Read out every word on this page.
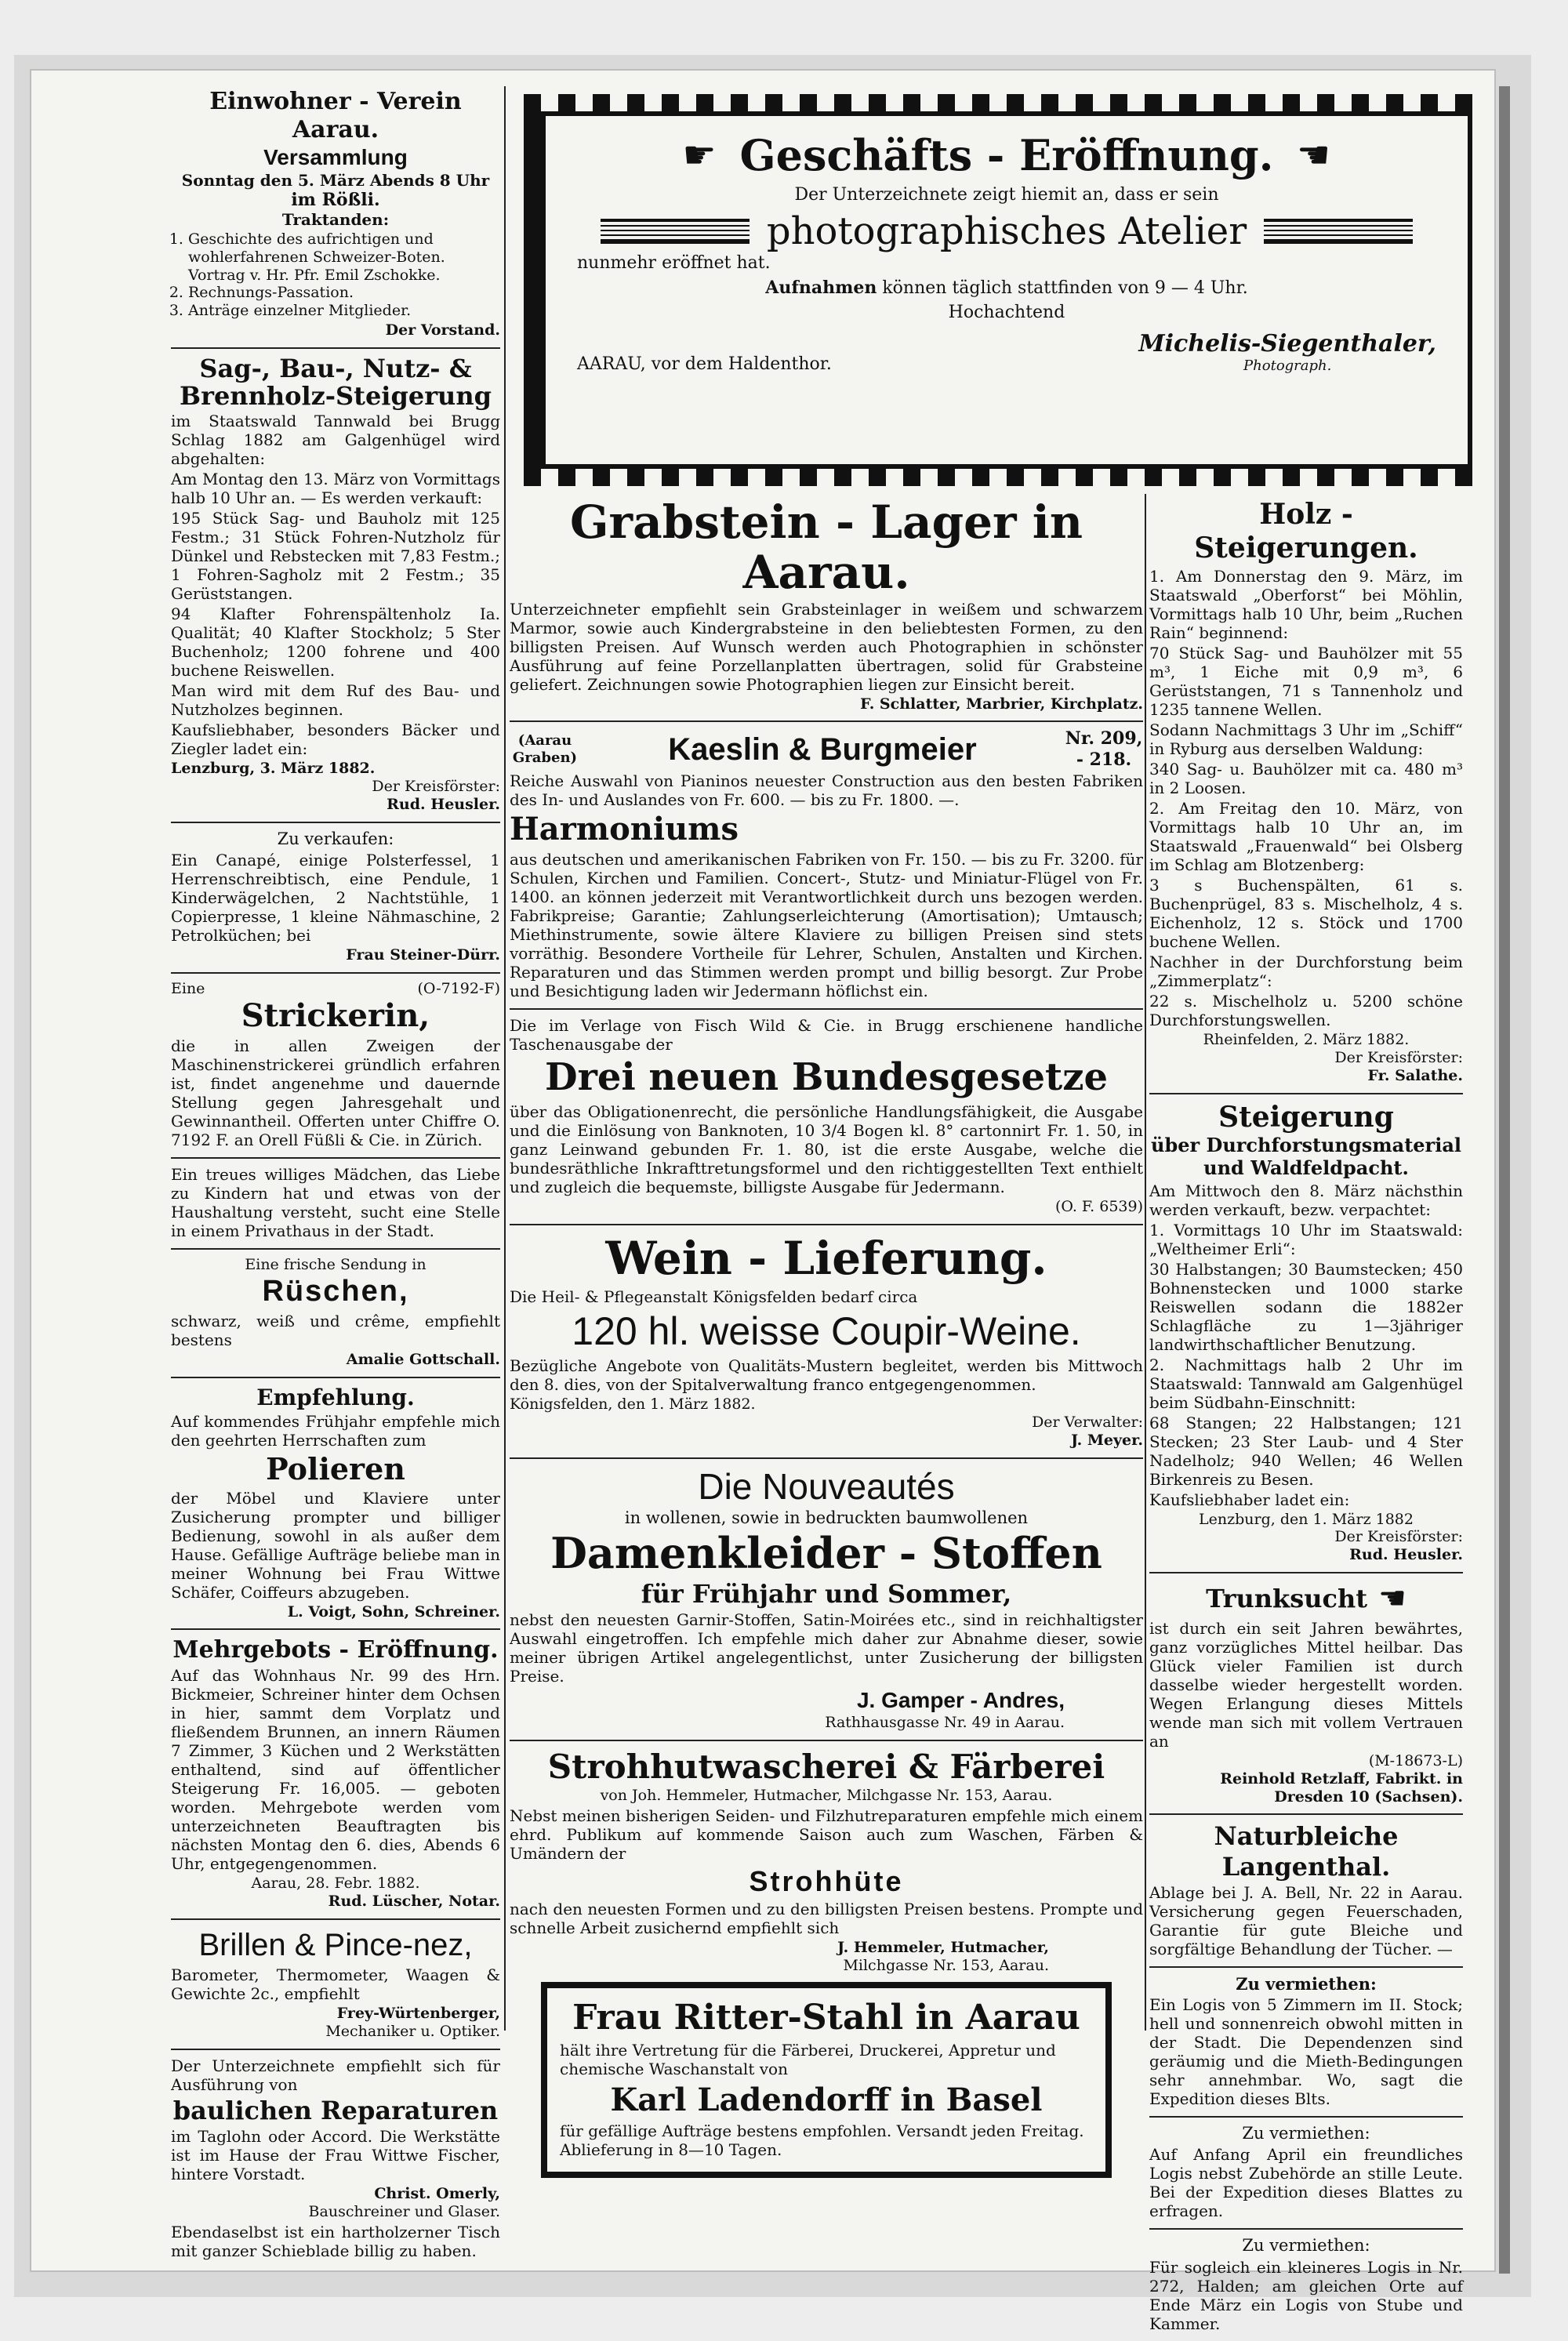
Einwohner - Verein Aarau.
Versammlung
Sonntag den 5. März Abends 8 Uhr
im Rößli.
Traktanden:
1. Geschichte des aufrichtigen und wohlerfahrenen Schweizer-Boten. Vortrag v. Hr. Pfr. Emil Zschokke.
2. Rechnungs-Passation.
3. Anträge einzelner Mitglieder.
Der Vorstand.
Sag-, Bau-, Nutz- & Brennholz-Steigerung

im Staatswald Tannwald bei Brugg Schlag 1882 am Galgenhügel wird abgehalten:

Am Montag den 13. März von Vormittags halb 10 Uhr an. — Es werden verkauft:

195 Stück Sag- und Bauholz mit 125 Festm.; 31 Stück Fohren-Nutzholz für Dünkel und Rebstecken mit 7,83 Festm.; 1 Fohren-Sagholz mit 2 Festm.; 35 Gerüststangen.

94 Klafter Fohrenspältenholz Ia. Qualität; 40 Klafter Stockholz; 5 Ster Buchenholz; 1200 fohrene und 400 buchene Reiswellen.

Man wird mit dem Ruf des Bau- und Nutzholzes beginnen.

Kaufsliebhaber, besonders Bäcker und Ziegler ladet ein:

Lenzburg, 3. März 1882.
Der Kreisförster:
Rud. Heusler.
Zu verkaufen:

Ein Canapé, einige Polsterfessel, 1 Herrenschreibtisch, eine Pendule, 1 Kinderwägelchen, 2 Nachtstühle, 1 Copierpresse, 1 kleine Nähmaschine, 2 Petrolküchen; bei

Frau Steiner-Dürr.
Eine	(O-7192-F)
Strickerin,

die in allen Zweigen der Maschinenstrickerei gründlich erfahren ist, findet angenehme und dauernde Stellung gegen Jahresgehalt und Gewinnantheil. Offerten unter Chiffre O. 7192 F. an Orell Füßli & Cie. in Zürich.

Ein treues williges Mädchen, das Liebe zu Kindern hat und etwas von der Haushaltung versteht, sucht eine Stelle in einem Privathaus in der Stadt.

Eine frische Sendung in
Rüschen,

schwarz, weiß und crême, empfiehlt bestens

Amalie Gottschall.
Empfehlung.

Auf kommendes Frühjahr empfehle mich den geehrten Herrschaften zum

Polieren

der Möbel und Klaviere unter Zusicherung prompter und billiger Bedienung, sowohl in als außer dem Hause. Gefällige Aufträge beliebe man in meiner Wohnung bei Frau Wittwe Schäfer, Coiffeurs abzugeben.

L. Voigt, Sohn, Schreiner.
Mehrgebots - Eröffnung.

Auf das Wohnhaus Nr. 99 des Hrn. Bickmeier, Schreiner hinter dem Ochsen in hier, sammt dem Vorplatz und fließendem Brunnen, an innern Räumen 7 Zimmer, 3 Küchen und 2 Werkstätten enthaltend, sind auf öffentlicher Steigerung Fr. 16,005. — geboten worden. Mehrgebote werden vom unterzeichneten Beauftragten bis nächsten Montag den 6. dies, Abends 6 Uhr, entgegengenommen.

Aarau, 28. Febr. 1882.
Rud. Lüscher, Notar.
Brillen & Pince-nez,

Barometer, Thermometer, Waagen & Gewichte 2c., empfiehlt

Frey-Würtenberger,
Mechaniker u. Optiker.

Der Unterzeichnete empfiehlt sich für Ausführung von

baulichen Reparaturen

im Taglohn oder Accord. Die Werkstätte ist im Hause der Frau Wittwe Fischer, hintere Vorstadt.

Christ. Omerly,
Bauschreiner und Glaser.

Ebendaselbst ist ein hartholzerner Tisch mit ganzer Schieblade billig zu haben.

☛ Geschäfts - Eröffnung. ☛
Der Unterzeichnete zeigt hiemit an, dass er sein
photographisches Atelier
nunmehr eröffnet hat.
Aufnahmen können täglich stattfinden von 9 — 4 Uhr.
Hochachtend
AARAU, vor dem Haldenthor.
Michelis-Siegenthaler,
Photograph.
Grabstein - Lager in Aarau.

Unterzeichneter empfiehlt sein Grabsteinlager in weißem und schwarzem Marmor, sowie auch Kindergrabsteine in den beliebtesten Formen, zu den billigsten Preisen. Auf Wunsch werden auch Photographien in schönster Ausführung auf feine Porzellanplatten übertragen, solid für Grabsteine geliefert. Zeichnungen sowie Photographien liegen zur Einsicht bereit.

F. Schlatter, Marbrier, Kirchplatz.
(Aarau Graben)	Kaeslin & Burgmeier	Nr. 209, - 218.

Reiche Auswahl von Pianinos neuester Construction aus den besten Fabriken des In- und Auslandes von Fr. 600. — bis zu Fr. 1800. —.

Harmoniums

aus deutschen und amerikanischen Fabriken von Fr. 150. — bis zu Fr. 3200. für Schulen, Kirchen und Familien. Concert-, Stutz- und Miniatur-Flügel von Fr. 1400. an können jederzeit mit Verantwortlichkeit durch uns bezogen werden. Fabrikpreise; Garantie; Zahlungserleichterung (Amortisation); Umtausch; Miethinstrumente, sowie ältere Klaviere zu billigen Preisen sind stets vorräthig. Besondere Vortheile für Lehrer, Schulen, Anstalten und Kirchen. Reparaturen und das Stimmen werden prompt und billig besorgt. Zur Probe und Besichtigung laden wir Jedermann höflichst ein.

Die im Verlage von Fisch Wild & Cie. in Brugg erschienene handliche Taschenausgabe der

Drei neuen Bundesgesetze

über das Obligationenrecht, die persönliche Handlungsfähigkeit, die Ausgabe und die Einlösung von Banknoten, 10 3/4 Bogen kl. 8° cartonnirt Fr. 1. 50, in ganz Leinwand gebunden Fr. 1. 80, ist die erste Ausgabe, welche die bundesräthliche Inkrafttretungsformel und den richtiggestellten Text enthielt und zugleich die bequemste, billigste Ausgabe für Jedermann.

(O. F. 6539)
Wein - Lieferung.

Die Heil- & Pflegeanstalt Königsfelden bedarf circa

120 hl. weisse Coupir-Weine.

Bezügliche Angebote von Qualitäts-Mustern begleitet, werden bis Mittwoch den 8. dies, von der Spitalverwaltung franco entgegengenommen.

Königsfelden, den 1. März 1882.
Der Verwalter:
J. Meyer.
Die Nouveautés
in wollenen, sowie in bedruckten baumwollenen
Damenkleider - Stoffen
für Frühjahr und Sommer,

nebst den neuesten Garnir-Stoffen, Satin-Moirées etc., sind in reichhaltigster Auswahl eingetroffen. Ich empfehle mich daher zur Abnahme dieser, sowie meiner übrigen Artikel angelegentlichst, unter Zusicherung der billigsten Preise.

J. Gamper - Andres,
Rathhausgasse Nr. 49 in Aarau.
Strohhutwascherei & Färberei
von Joh. Hemmeler, Hutmacher, Milchgasse Nr. 153, Aarau.

Nebst meinen bisherigen Seiden- und Filzhutreparaturen empfehle mich einem ehrd. Publikum auf kommende Saison auch zum Waschen, Färben & Umändern der

Strohhüte

nach den neuesten Formen und zu den billigsten Preisen bestens. Prompte und schnelle Arbeit zusichernd empfiehlt sich

J. Hemmeler, Hutmacher,
Milchgasse Nr. 153, Aarau.
Frau Ritter-Stahl in Aarau

hält ihre Vertretung für die Färberei, Druckerei, Appretur und chemische Waschanstalt von

Karl Ladendorff in Basel

für gefällige Aufträge bestens empfohlen. Versandt jeden Freitag. Ablieferung in 8—10 Tagen.

Holz - Steigerungen.

1. Am Donnerstag den 9. März, im Staatswald „Oberforst“ bei Möhlin, Vormittags halb 10 Uhr, beim „Ruchen Rain“ beginnend:

70 Stück Sag- und Bauhölzer mit 55 m³, 1 Eiche mit 0,9 m³, 6 Gerüststangen, 71 s Tannenholz und 1235 tannene Wellen.

Sodann Nachmittags 3 Uhr im „Schiff“ in Ryburg aus derselben Waldung:

340 Sag- u. Bauhölzer mit ca. 480 m³ in 2 Loosen.

2. Am Freitag den 10. März, von Vormittags halb 10 Uhr an, im Staatswald „Frauenwald“ bei Olsberg im Schlag am Blotzenberg:

3 s Buchenspälten, 61 s. Buchenprügel, 83 s. Mischelholz, 4 s. Eichenholz, 12 s. Stöck und 1700 buchene Wellen.

Nachher in der Durchforstung beim „Zimmerplatz“:

22 s. Mischelholz u. 5200 schöne Durchforstungswellen.

Rheinfelden, 2. März 1882.
Der Kreisförster:
Fr. Salathe.
Steigerung
über Durchforstungsmaterial und Waldfeldpacht.

Am Mittwoch den 8. März nächsthin werden verkauft, bezw. verpachtet:

1. Vormittags 10 Uhr im Staatswald: „Weltheimer Erli“:

30 Halbstangen; 30 Baumstecken; 450 Bohnenstecken und 1000 starke Reiswellen sodann die 1882er Schlagfläche zu 1—3jähriger landwirthschaftlicher Benutzung.

2. Nachmittags halb 2 Uhr im Staatswald: Tannwald am Galgenhügel beim Südbahn-Einschnitt:

68 Stangen; 22 Halbstangen; 121 Stecken; 23 Ster Laub- und 4 Ster Nadelholz; 940 Wellen; 46 Wellen Birkenreis zu Besen.

Kaufsliebhaber ladet ein:

Lenzburg, den 1. März 1882
Der Kreisförster:
Rud. Heusler.
Trunksucht ☛

ist durch ein seit Jahren bewährtes, ganz vorzügliches Mittel heilbar. Das Glück vieler Familien ist durch dasselbe wieder hergestellt worden. Wegen Erlangung dieses Mittels wende man sich mit vollem Vertrauen an

(M-18673-L)
Reinhold Retzlaff, Fabrikt. in Dresden 10 (Sachsen).
Naturbleiche Langenthal.

Ablage bei J. A. Bell, Nr. 22 in Aarau. Versicherung gegen Feuerschaden, Garantie für gute Bleiche und sorgfältige Behandlung der Tücher. —

Zu vermiethen:

Ein Logis von 5 Zimmern im II. Stock; hell und sonnenreich obwohl mitten in der Stadt. Die Dependenzen sind geräumig und die Mieth-Bedingungen sehr annehmbar. Wo, sagt die Expedition dieses Blts.

Zu vermiethen:

Auf Anfang April ein freundliches Logis nebst Zubehörde an stille Leute. Bei der Expedition dieses Blattes zu erfragen.

Zu vermiethen:

Für sogleich ein kleineres Logis in Nr. 272, Halden; am gleichen Orte auf Ende März ein Logis von Stube und Kammer.
